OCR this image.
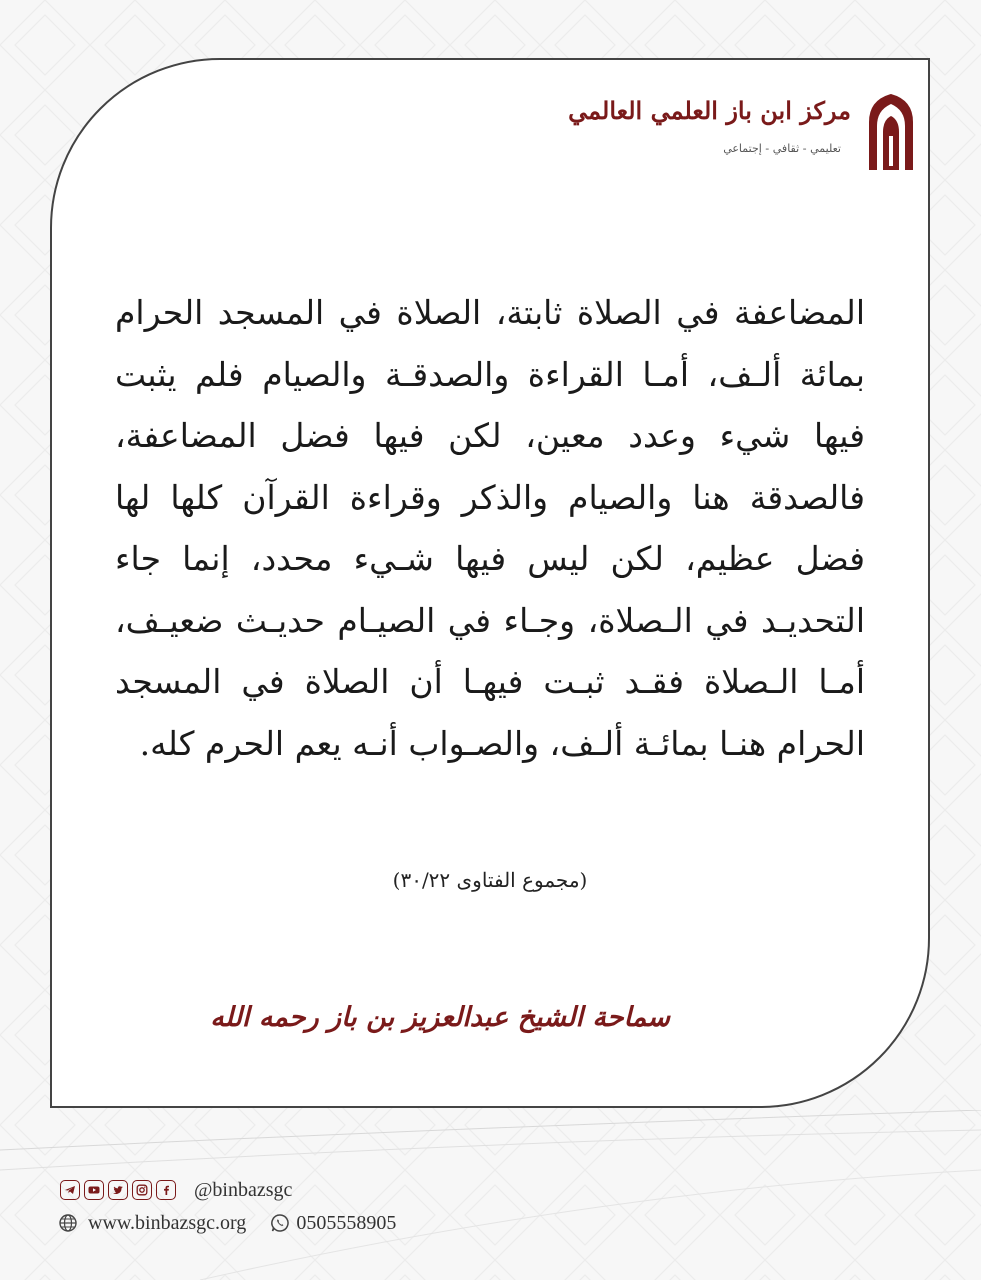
مركز ابن باز العلمي العالمي
تعليمي - ثقافي - إجتماعي
المضاعفة في الصلاة ثابتة، الصلاة في المسجد الحرام بمائة ألـف، أمـا القراءة والصدقـة والصيام فلم يثبت فيها شيء وعدد معين، لكن فيها فضل المضاعفة، فالصدقة هنا والصيام والذكر وقراءة القرآن كلها لها فضل عظيم، لكن ليس فيها شـيء محدد، إنما جاء التحديـد في الـصلاة، وجـاء في الصيـام حديـث ضعيـف، أمـا الـصلاة فقـد ثبـت فيهـا أن الصلاة في المسجد الحرام هنـا بمائـة ألـف، والصـواب أنـه يعم الحرم كله.
(مجموع الفتاوى ٣٠/٢٢)
سماحة الشيخ عبدالعزيز بن باز رحمه الله
@binbazsgc
www.binbazsgc.org	0505558905
